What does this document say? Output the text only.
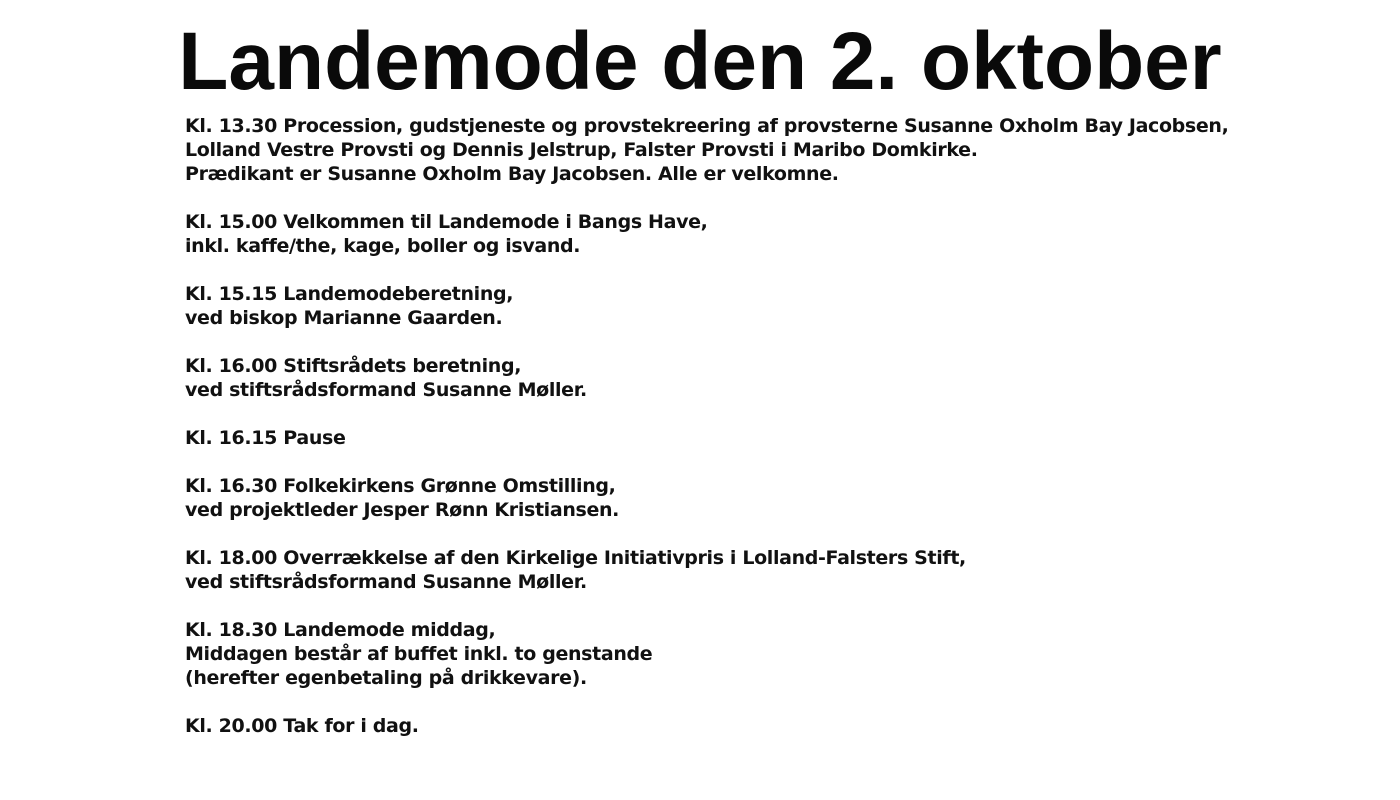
Landemode den 2. oktober
Kl. 13.30 Procession, gudstjeneste og provstekreering af provsterne Susanne Oxholm Bay Jacobsen,
Lolland Vestre Provsti og Dennis Jelstrup, Falster Provsti i Maribo Domkirke.
Prædikant er Susanne Oxholm Bay Jacobsen. Alle er velkomne.
Kl. 15.00 Velkommen til Landemode i Bangs Have,
inkl. kaffe/the, kage, boller og isvand.
Kl. 15.15 Landemodeberetning,
ved biskop Marianne Gaarden.
Kl. 16.00 Stiftsrådets beretning,
ved stiftsrådsformand Susanne Møller.
Kl. 16.15 Pause
Kl. 16.30 Folkekirkens Grønne Omstilling,
ved projektleder Jesper Rønn Kristiansen.
Kl. 18.00 Overrækkelse af den Kirkelige Initiativpris i Lolland-Falsters Stift,
ved stiftsrådsformand Susanne Møller.
Kl. 18.30 Landemode middag,
Middagen består af buffet inkl. to genstande
(herefter egenbetaling på drikkevare).
Kl. 20.00 Tak for i dag.
